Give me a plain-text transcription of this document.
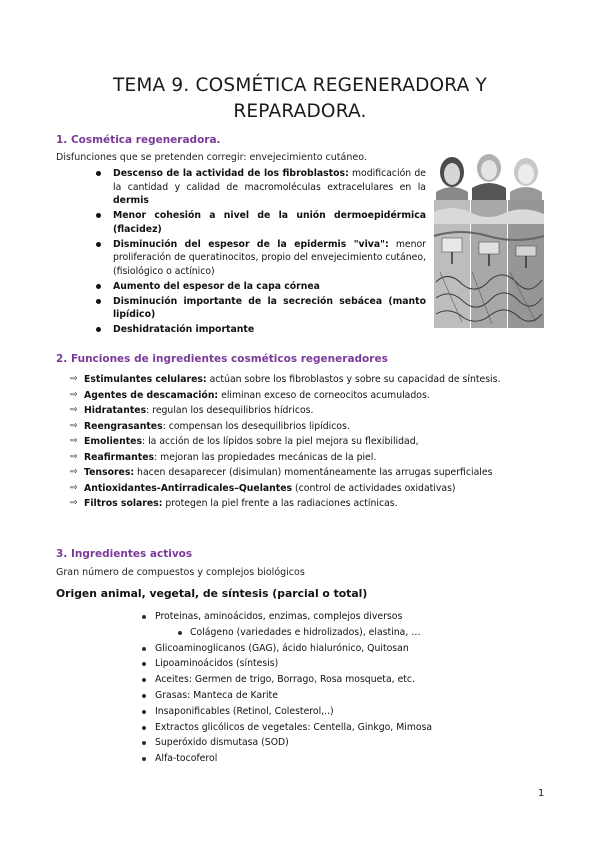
TEMA 9. COSMÉTICA REGENERADORA Y
REPARADORA.
1. Cosmética regeneradora.
Disfunciones que se pretenden corregir: envejecimiento cutáneo.
Descenso de la actividad de los fibroblastos: modificación de la cantidad y calidad de macromoléculas extracelulares en la dermis
Menor cohesión a nivel de la unión dermoepidérmica (flacidez)
Disminución del espesor de la epidermis "viva": menor proliferación de queratinocitos, propio del envejecimiento cutáneo, (fisiológico o actínico)
Aumento del espesor de la capa córnea
Disminución importante de la secreción sebácea (manto lipídico)
Deshidratación importante
2. Funciones de ingredientes cosméticos regeneradores
⇨ Estimulantes celulares: actúan sobre los fibroblastos y sobre su capacidad de síntesis.
⇨ Agentes de descamación: eliminan exceso de corneocitos acumulados.
⇨ Hidratantes: regulan los desequilibrios hídricos.
⇨ Reengrasantes: compensan los desequilibrios lipídicos.
⇨ Emolientes: la acción de los lípidos sobre la piel mejora su flexibilidad,
⇨ Reafirmantes: mejoran las propiedades mecánicas de la piel.
⇨ Tensores: hacen desaparecer (disimulan) momentáneamente las arrugas superficiales
⇨ Antioxidantes-Antirradicales–Quelantes (control de actividades oxidativas)
⇨ Filtros solares: protegen la piel frente a las radiaciones actínicas.
3. Ingredientes activos
Gran número de compuestos y complejos biológicos
Origen animal, vegetal, de síntesis (parcial o total)
Proteinas, aminoácidos, enzimas, complejos diversos
Colágeno (variedades e hidrolizados), elastina, …
Glicoaminoglicanos (GAG), ácido hialurónico, Quitosan
Lipoaminoácidos (síntesis)
Aceites: Germen de trigo, Borrago, Rosa mosqueta, etc.
Grasas: Manteca de Karite
Insaponificables (Retinol, Colesterol,..)
Extractos glicólicos de vegetales: Centella, Ginkgo, Mimosa
Superóxido dismutasa (SOD)
Alfa-tocoferol
1
